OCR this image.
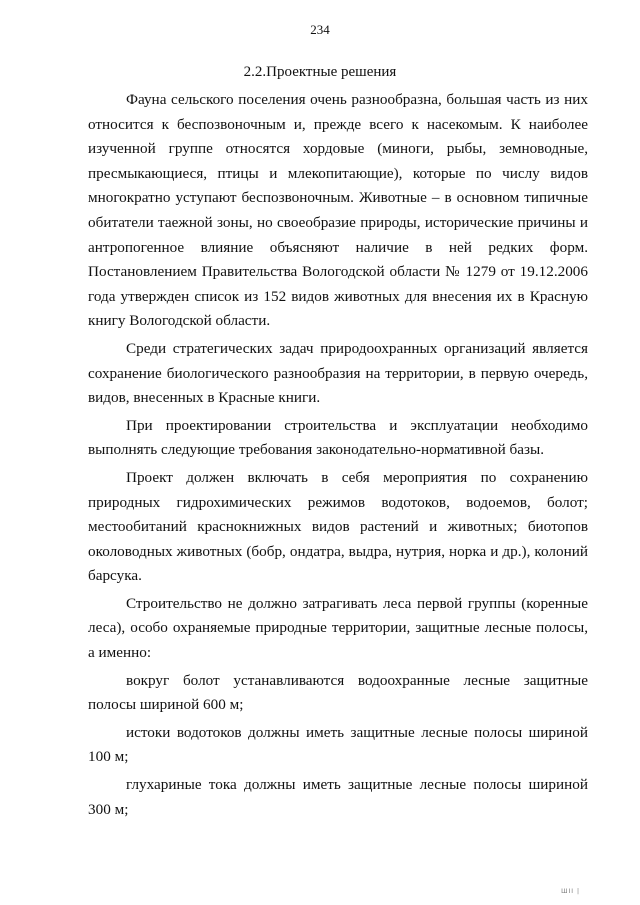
234
2.2.Проектные решения

Фауна сельского поселения очень разнообразна, большая часть из них относится к беспозвоночным и, прежде всего к насекомым. К наиболее изученной группе относятся хордовые (миноги, рыбы, земноводные, пресмыкающиеся, птицы и млекопитающие), которые по числу видов многократно уступают беспозвоночным. Животные – в основном типичные обитатели таежной зоны, но своеобразие природы, исторические причины и антропогенное влияние объясняют наличие в ней редких форм. Постановлением Правительства Вологодской области № 1279 от 19.12.2006 года утвержден список из 152 видов животных для внесения их в Красную книгу Вологодской области.

Среди стратегических задач природоохранных организаций является сохранение биологического разнообразия на территории, в первую очередь, видов, внесенных в Красные книги.

При проектировании строительства и эксплуатации необходимо выполнять следующие требования законодательно-нормативной базы.

Проект должен включать в себя мероприятия по сохранению природных гидрохимических режимов водотоков, водоемов, болот; местообитаний краснокнижных видов растений и животных; биотопов околоводных животных (бобр, ондатра, выдра, нутрия, норка и др.), колоний барсука.

Строительство не должно затрагивать леса первой группы (коренные леса), особо охраняемые природные территории, защитные лесные полосы, а именно:

вокруг болот устанавливаются водоохранные лесные защитные полосы шириной 600 м;

истоки водотоков должны иметь защитные лесные полосы шириной 100 м;

глухариные тока должны иметь защитные лесные полосы шириной 300 м;

ШII |
